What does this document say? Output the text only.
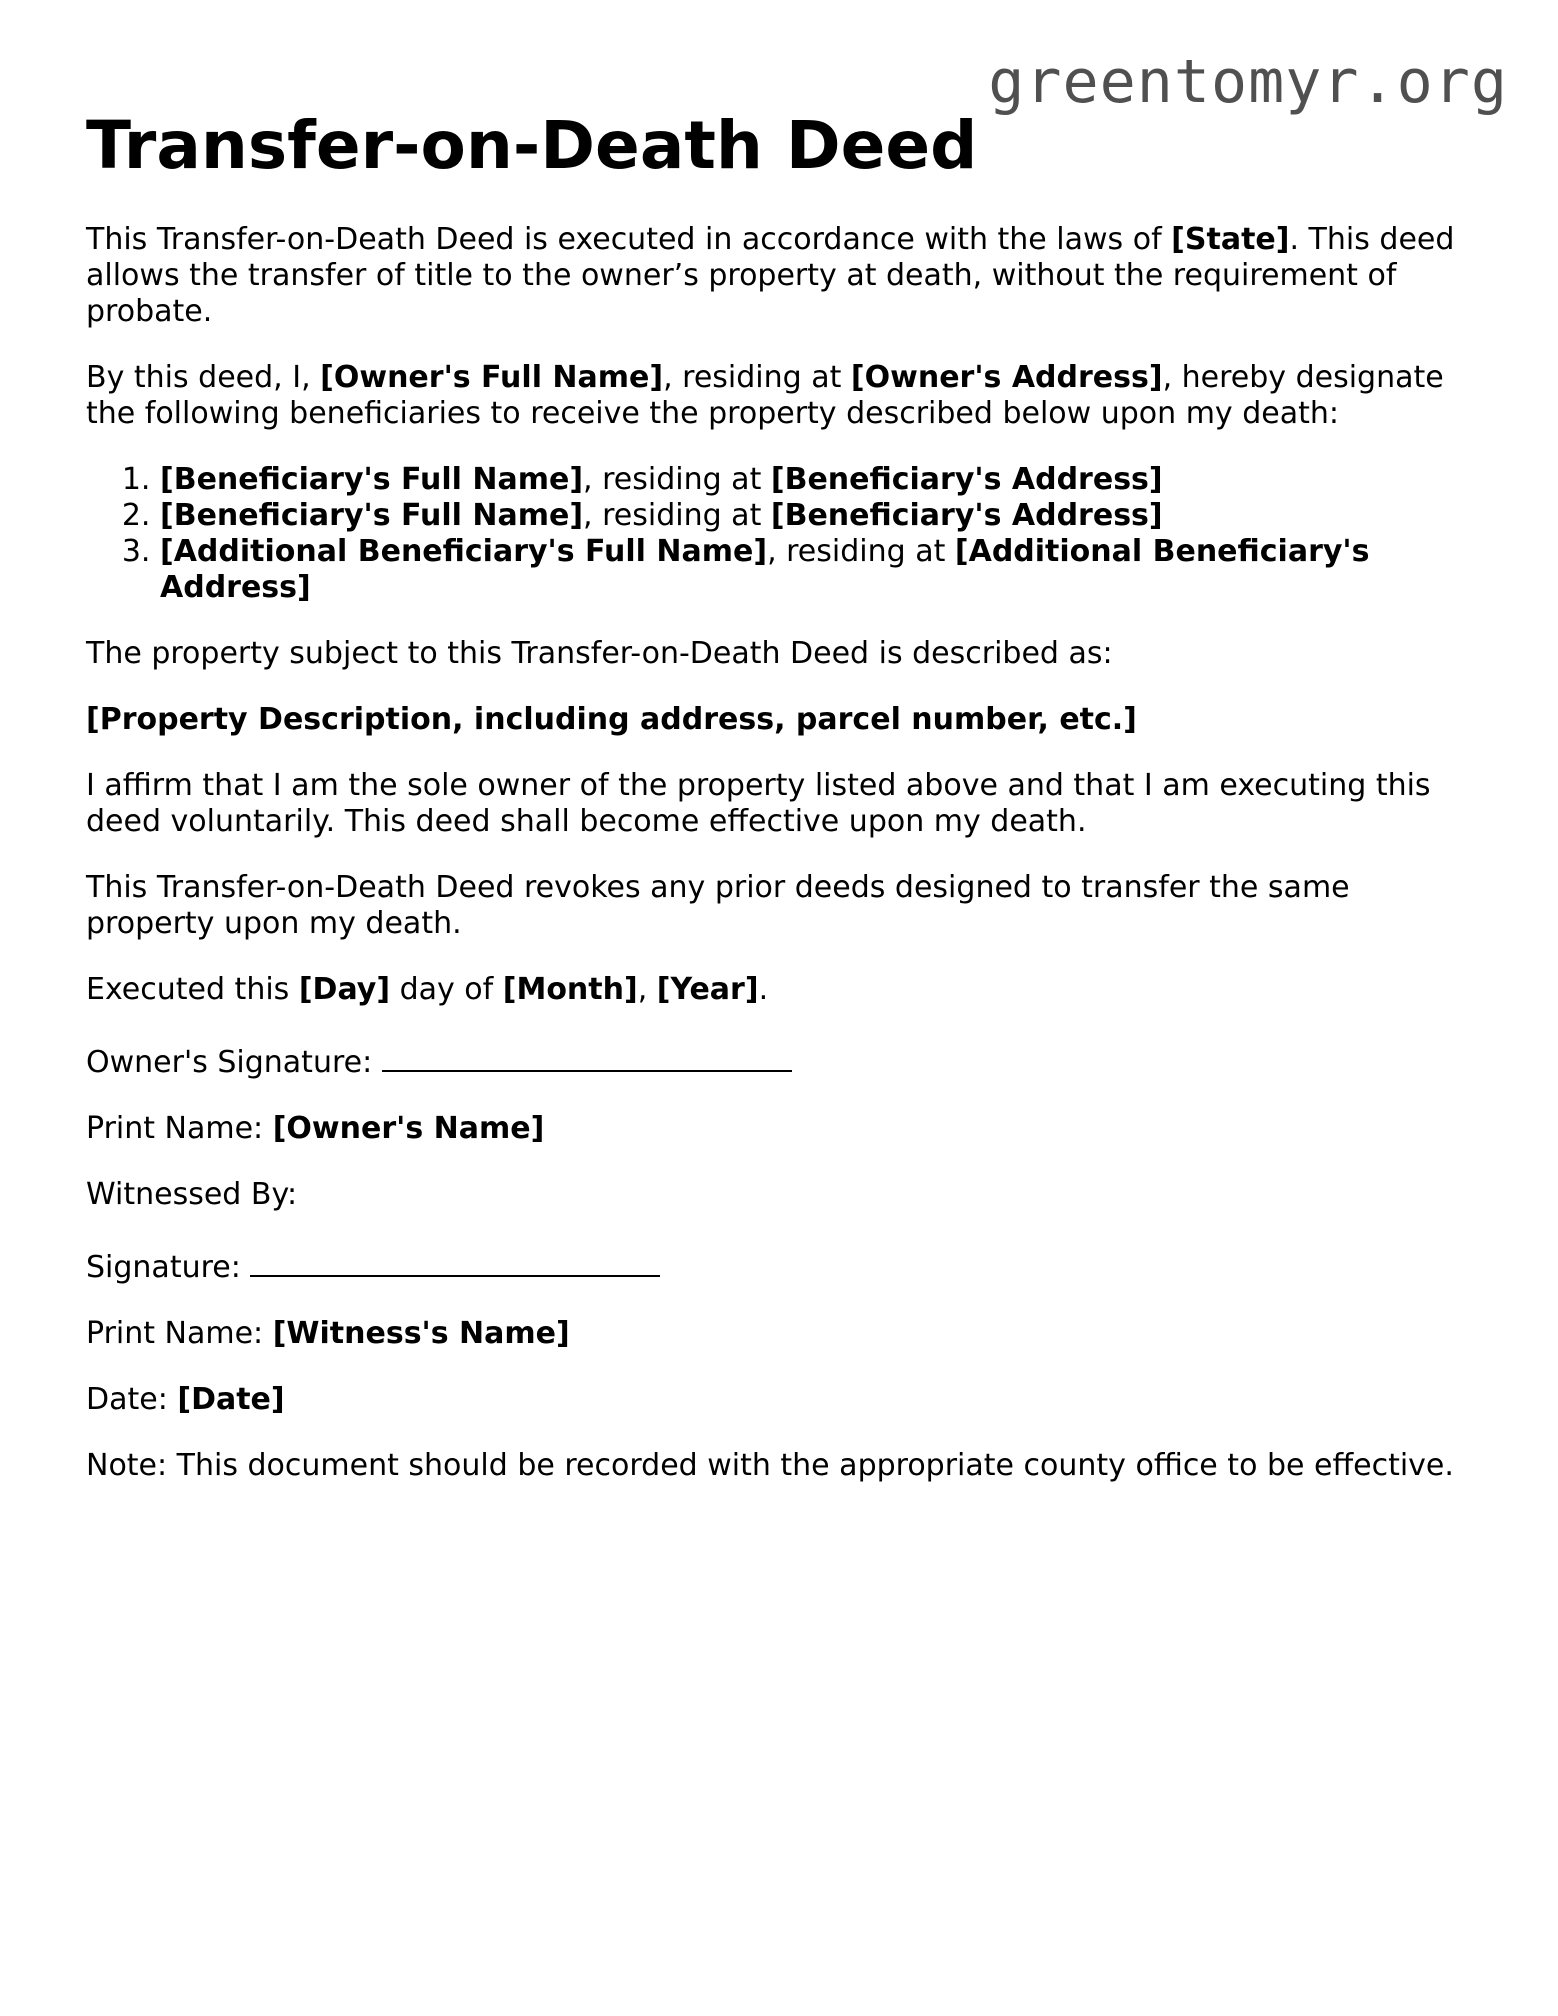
greentomyr.org
Transfer-on-Death Deed

This Transfer-on-Death Deed is executed in accordance with the laws of [State]. This deed allows the transfer of title to the owner’s property at death, without the requirement of probate.

By this deed, I, [Owner's Full Name], residing at [Owner's Address], hereby designate the following beneficiaries to receive the property described below upon my death:

1. [Beneficiary's Full Name], residing at [Beneficiary's Address]
2. [Beneficiary's Full Name], residing at [Beneficiary's Address]
3. [Additional Beneficiary's Full Name], residing at [Additional Beneficiary's Address]

The property subject to this Transfer-on-Death Deed is described as:

[Property Description, including address, parcel number, etc.]

I affirm that I am the sole owner of the property listed above and that I am executing this deed voluntarily. This deed shall become effective upon my death.

This Transfer-on-Death Deed revokes any prior deeds designed to transfer the same property upon my death.

Executed this [Day] day of [Month], [Year].

Owner's Signature:

Print Name: [Owner's Name]

Witnessed By:

Signature:

Print Name: [Witness's Name]

Date: [Date]

Note: This document should be recorded with the appropriate county office to be effective.
